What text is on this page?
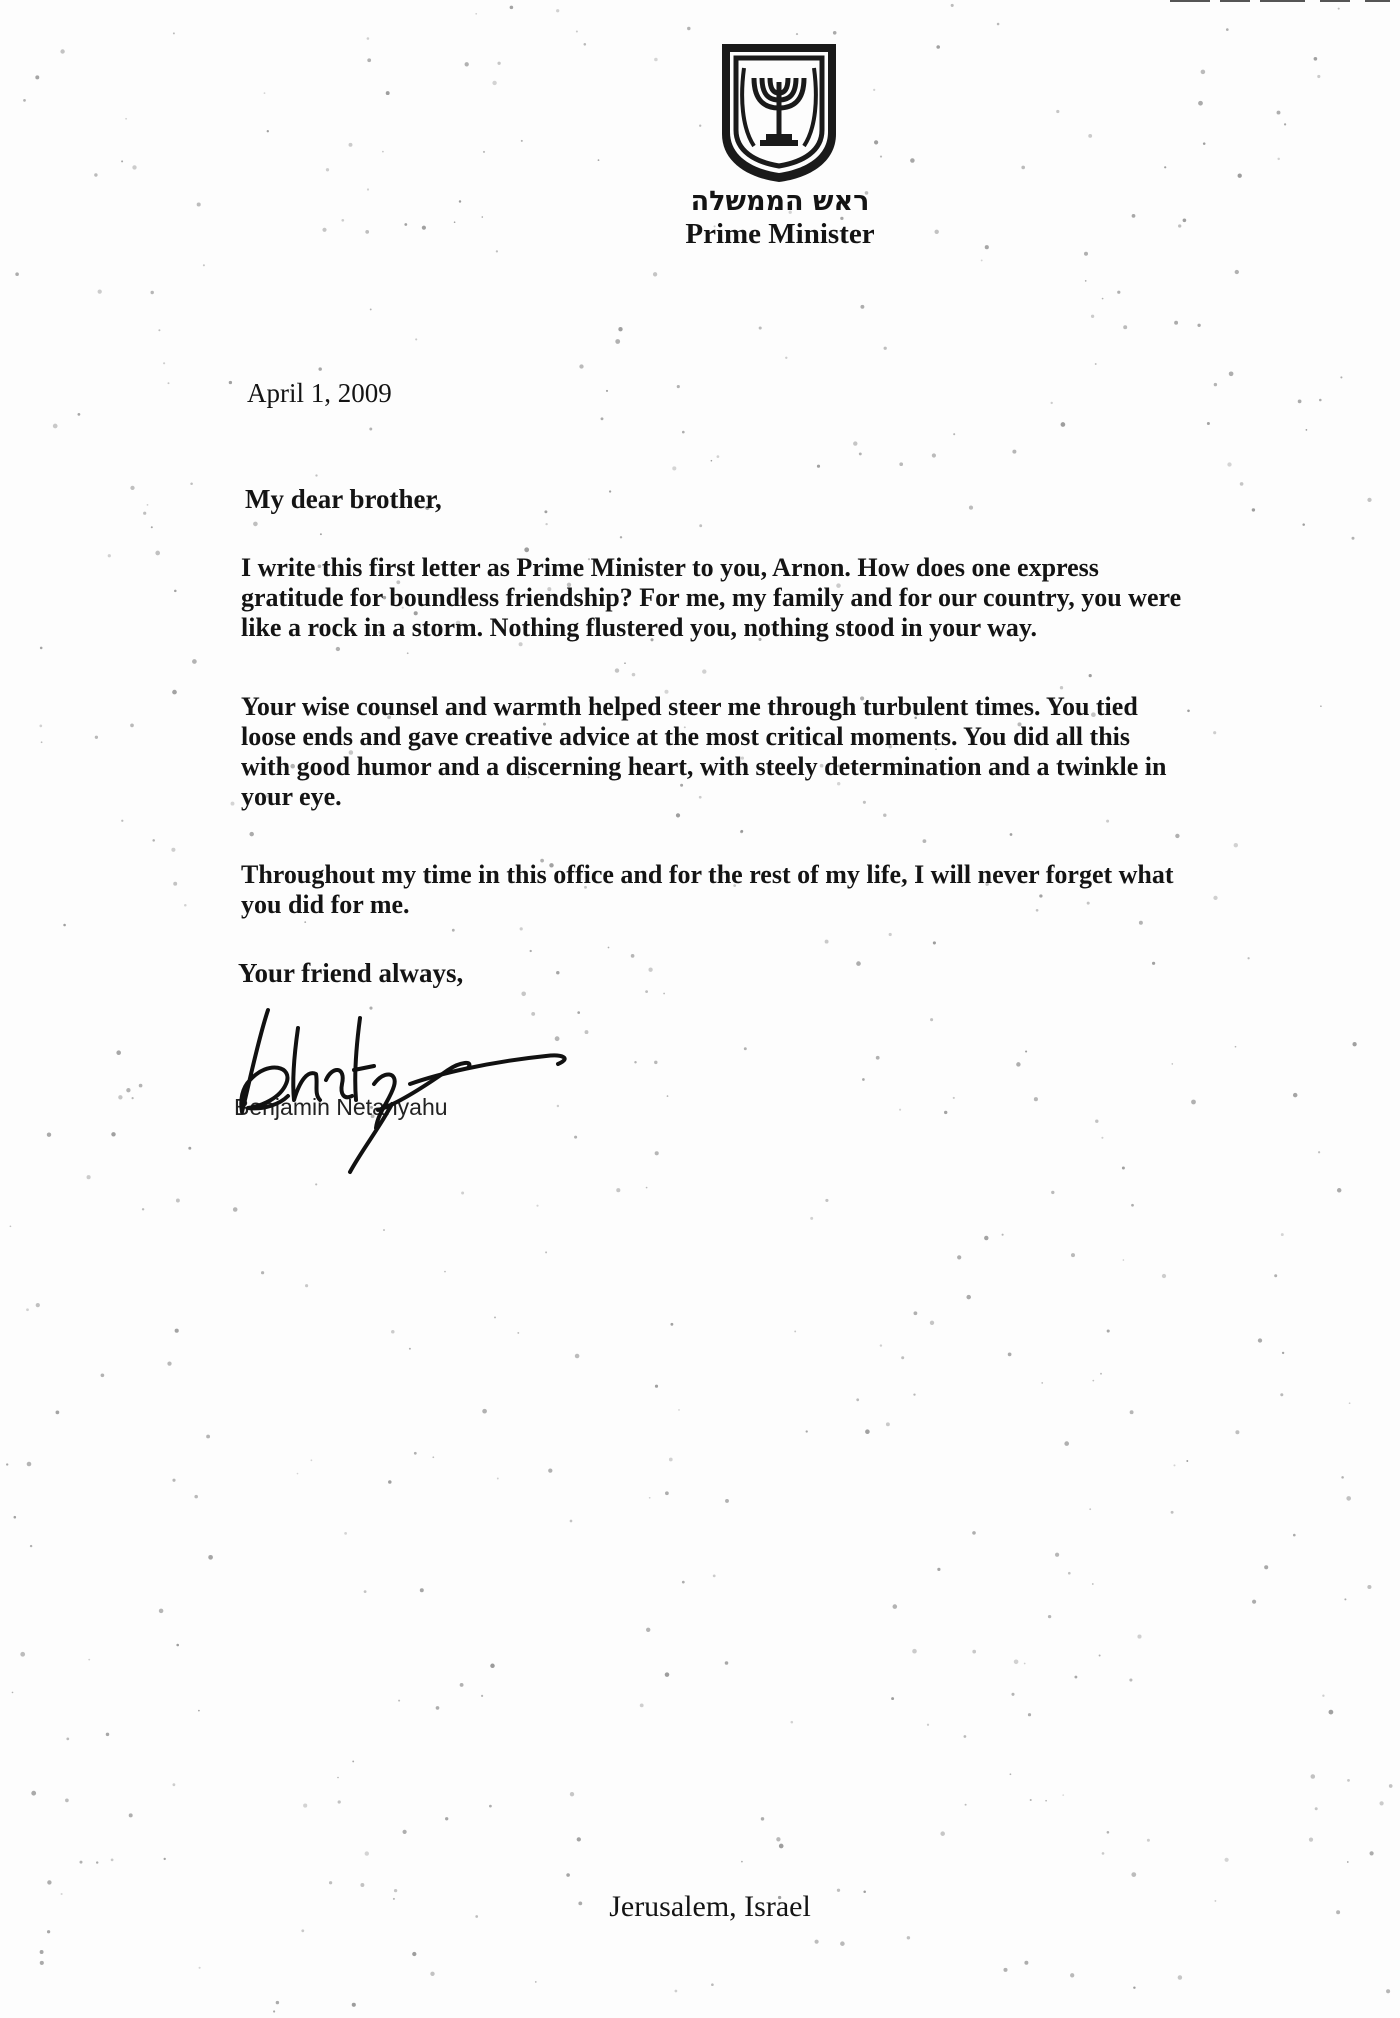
ראש הממשלה
Prime Minister
April 1, 2009
My dear brother,
I write this first letter as Prime Minister to you, Arnon. How does one express
gratitude for boundless friendship? For me, my family and for our country, you were
like a rock in a storm. Nothing flustered you, nothing stood in your way.
Your wise counsel and warmth helped steer me through turbulent times. You tied
loose ends and gave creative advice at the most critical moments. You did all this
with good humor and a discerning heart, with steely determination and a twinkle in
your eye.
Throughout my time in this office and for the rest of my life, I will never forget what
you did for me.
Your friend always,
Benjamin Netanyahu
Jerusalem, Israel
